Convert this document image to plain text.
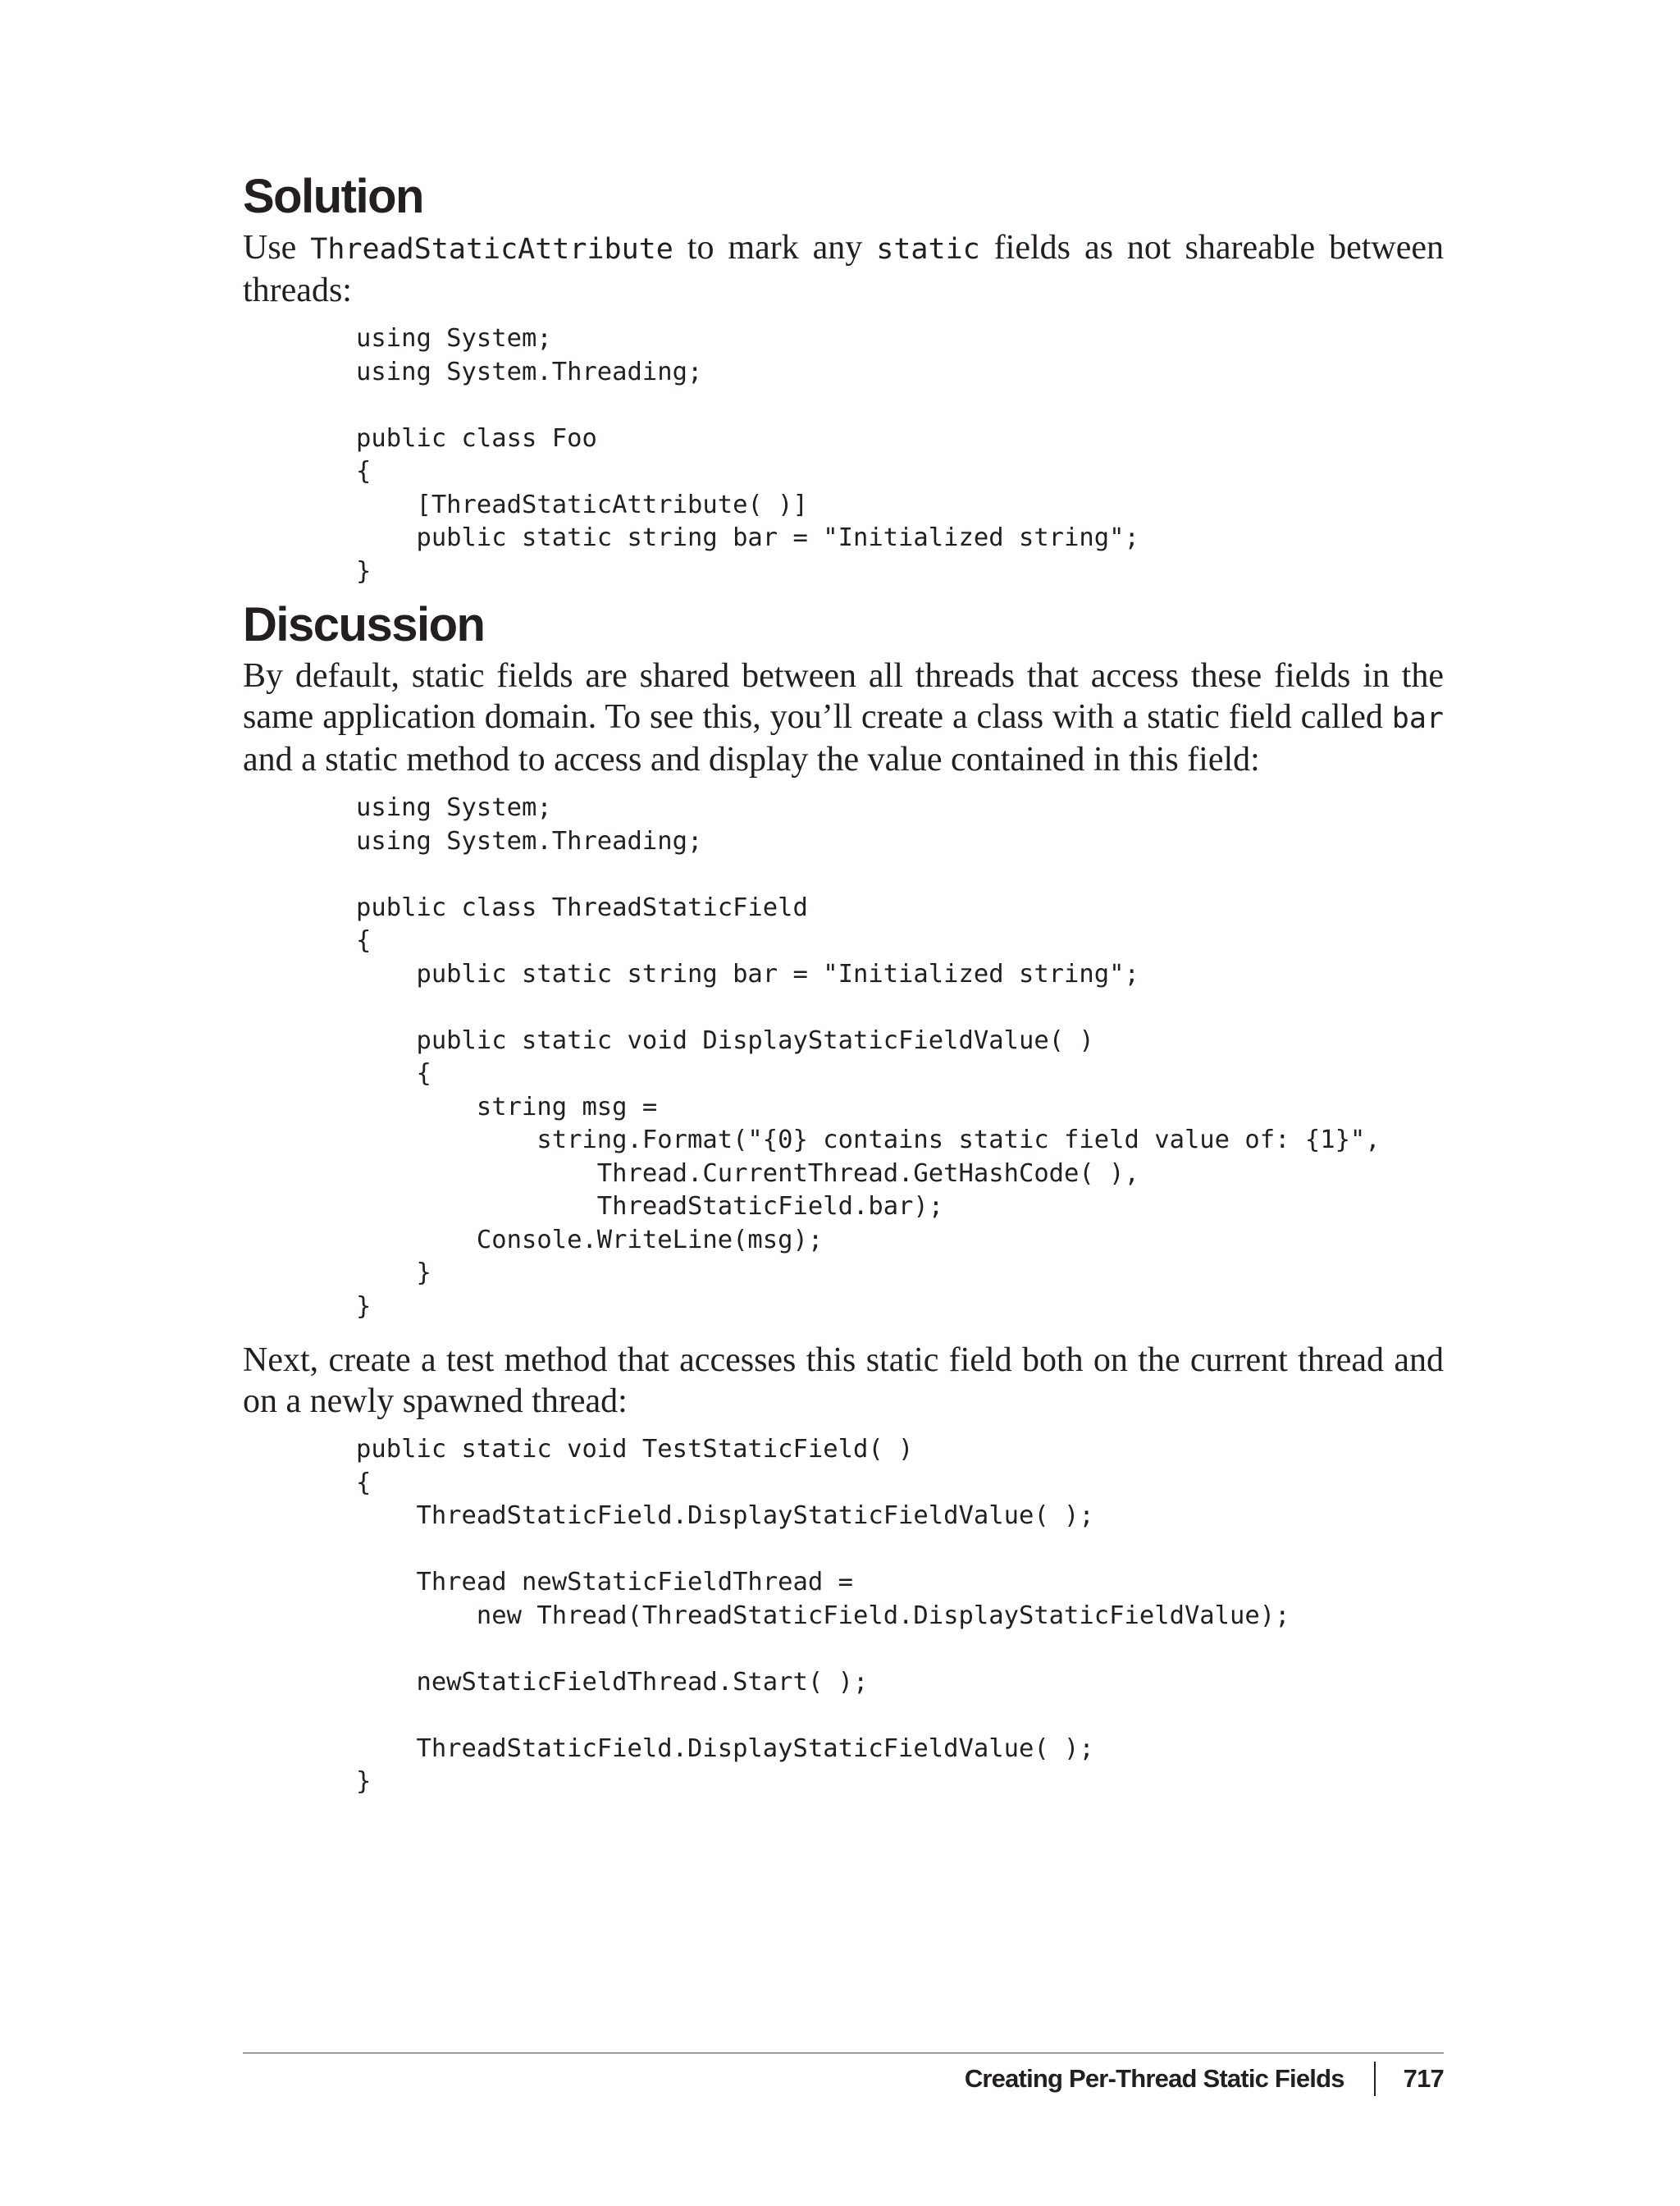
Solution

Use ThreadStaticAttribute to mark any static fields as not shareable between threads:

using System;
using System.Threading;

public class Foo
{
[ThreadStaticAttribute( )]
public static string bar = "Initialized string";
}
Discussion

By default, static fields are shared between all threads that access these fields in the same application domain. To see this, you’ll create a class with a static field called bar and a static method to access and display the value contained in this field:

using System;
using System.Threading;

public class ThreadStaticField
{
public static string bar = "Initialized string";

public static void DisplayStaticFieldValue( )
{
string msg =
string.Format("{0} contains static field value of: {1}",
Thread.CurrentThread.GetHashCode( ),
ThreadStaticField.bar);
Console.WriteLine(msg);
}
}

Next, create a test method that accesses this static field both on the current thread and on a newly spawned thread:

public static void TestStaticField( )
{
ThreadStaticField.DisplayStaticFieldValue( );

Thread newStaticFieldThread =
new Thread(ThreadStaticField.DisplayStaticFieldValue);

newStaticFieldThread.Start( );

ThreadStaticField.DisplayStaticFieldValue( );
}
Creating Per-Thread Static Fields 717
